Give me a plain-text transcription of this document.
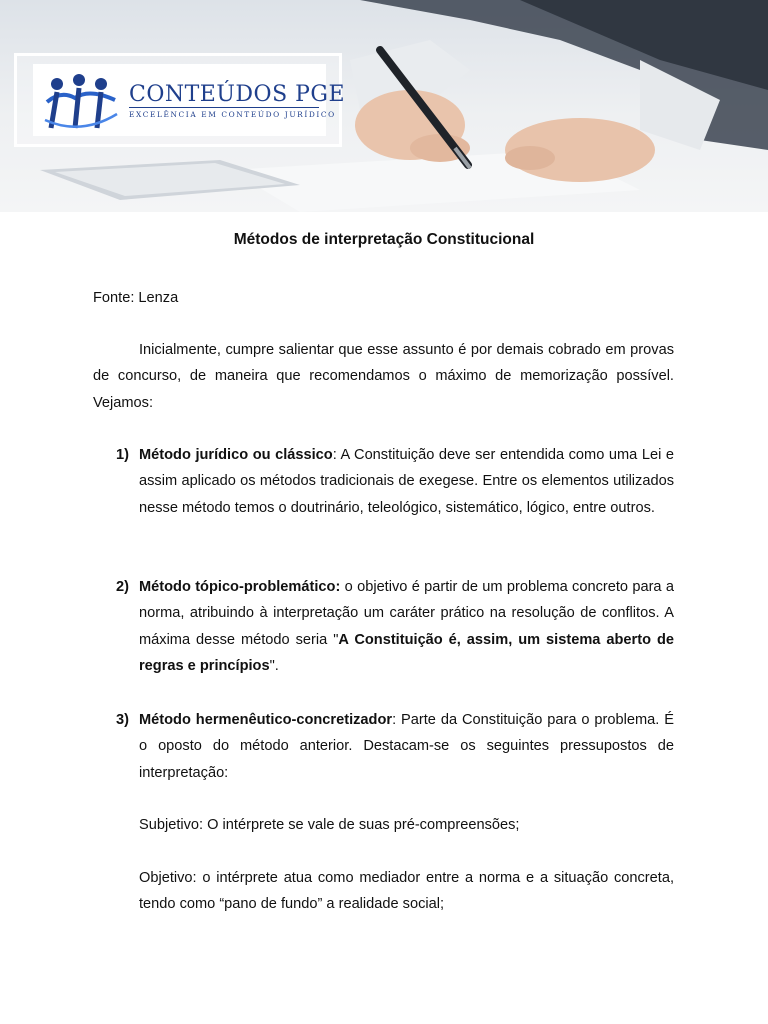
CONTEÚDOS PGE
EXCELÊNCIA EM CONTEÚDO JURÍDICO
Métodos de interpretação Constitucional
Fonte: Lenza
Inicialmente, cumpre salientar que esse assunto é por demais cobrado em provas de concurso, de maneira que recomendamos o máximo de memorização possível. Vejamos:
1) Método jurídico ou clássico: A Constituição deve ser entendida como uma Lei e assim aplicado os métodos tradicionais de exegese. Entre os elementos utilizados nesse método temos o doutrinário, teleológico, sistemático, lógico, entre outros.
2) Método tópico-problemático: o objetivo é partir de um problema concreto para a norma, atribuindo à interpretação um caráter prático na resolução de conflitos. A máxima desse método seria "A Constituição é, assim, um sistema aberto de regras e princípios".
3) Método hermenêutico-concretizador: Parte da Constituição para o problema. É o oposto do método anterior. Destacam-se os seguintes pressupostos de interpretação:
Subjetivo: O intérprete se vale de suas pré-compreensões;
Objetivo: o intérprete atua como mediador entre a norma e a situação concreta, tendo como “pano de fundo” a realidade social;
